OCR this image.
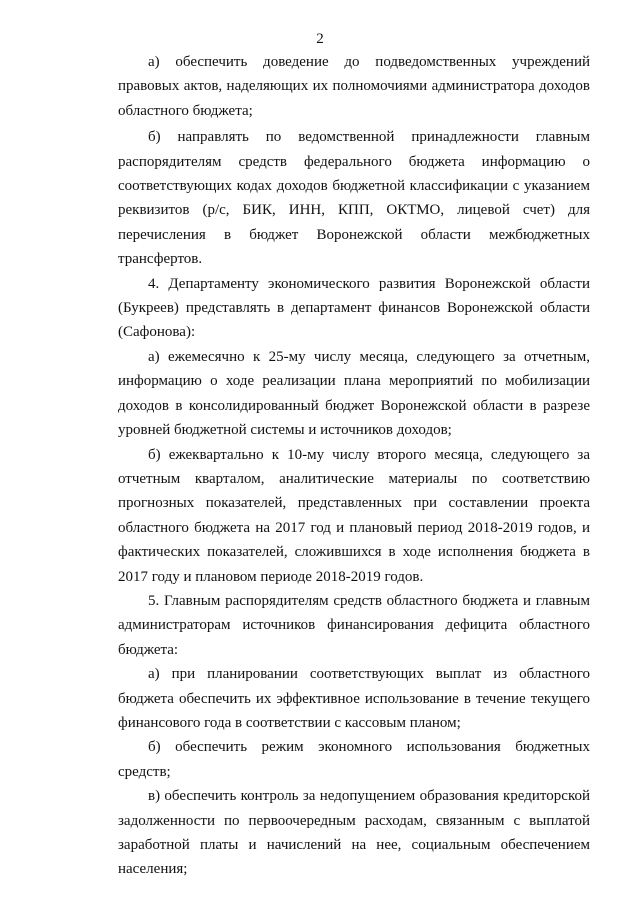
2

а) обеспечить доведение до подведомственных учреждений правовых актов, наделяющих их полномочиями администратора доходов областного бюджета;

б) направлять по ведомственной принадлежности главным распорядителям средств федерального бюджета информацию о соответствующих кодах доходов бюджетной классификации с указанием реквизитов (р/с, БИК, ИНН, КПП, ОКТМО, лицевой счет) для перечисления в бюджет Воронежской области межбюджетных трансфертов.

4. Департаменту экономического развития Воронежской области (Букреев) представлять в департамент финансов Воронежской области (Сафонова):

а) ежемесячно к 25-му числу месяца, следующего за отчетным, информацию о ходе реализации плана мероприятий по мобилизации доходов в консолидированный бюджет Воронежской области в разрезе уровней бюджетной системы и источников доходов;

б) ежеквартально к 10-му числу второго месяца, следующего за отчетным кварталом, аналитические материалы по соответствию прогнозных показателей, представленных при составлении проекта областного бюджета на 2017 год и плановый период 2018-2019 годов, и фактических показателей, сложившихся в ходе исполнения бюджета в 2017 году и плановом периоде 2018-2019 годов.

5. Главным распорядителям средств областного бюджета и главным администраторам источников финансирования дефицита областного бюджета:

а) при планировании соответствующих выплат из областного бюджета обеспечить их эффективное использование в течение текущего финансового года в соответствии с кассовым планом;

б) обеспечить режим экономного использования бюджетных средств;

в) обеспечить контроль за недопущением образования кредиторской задолженности по первоочередным расходам, связанным с выплатой заработной платы и начислений на нее, социальным обеспечением населения;
